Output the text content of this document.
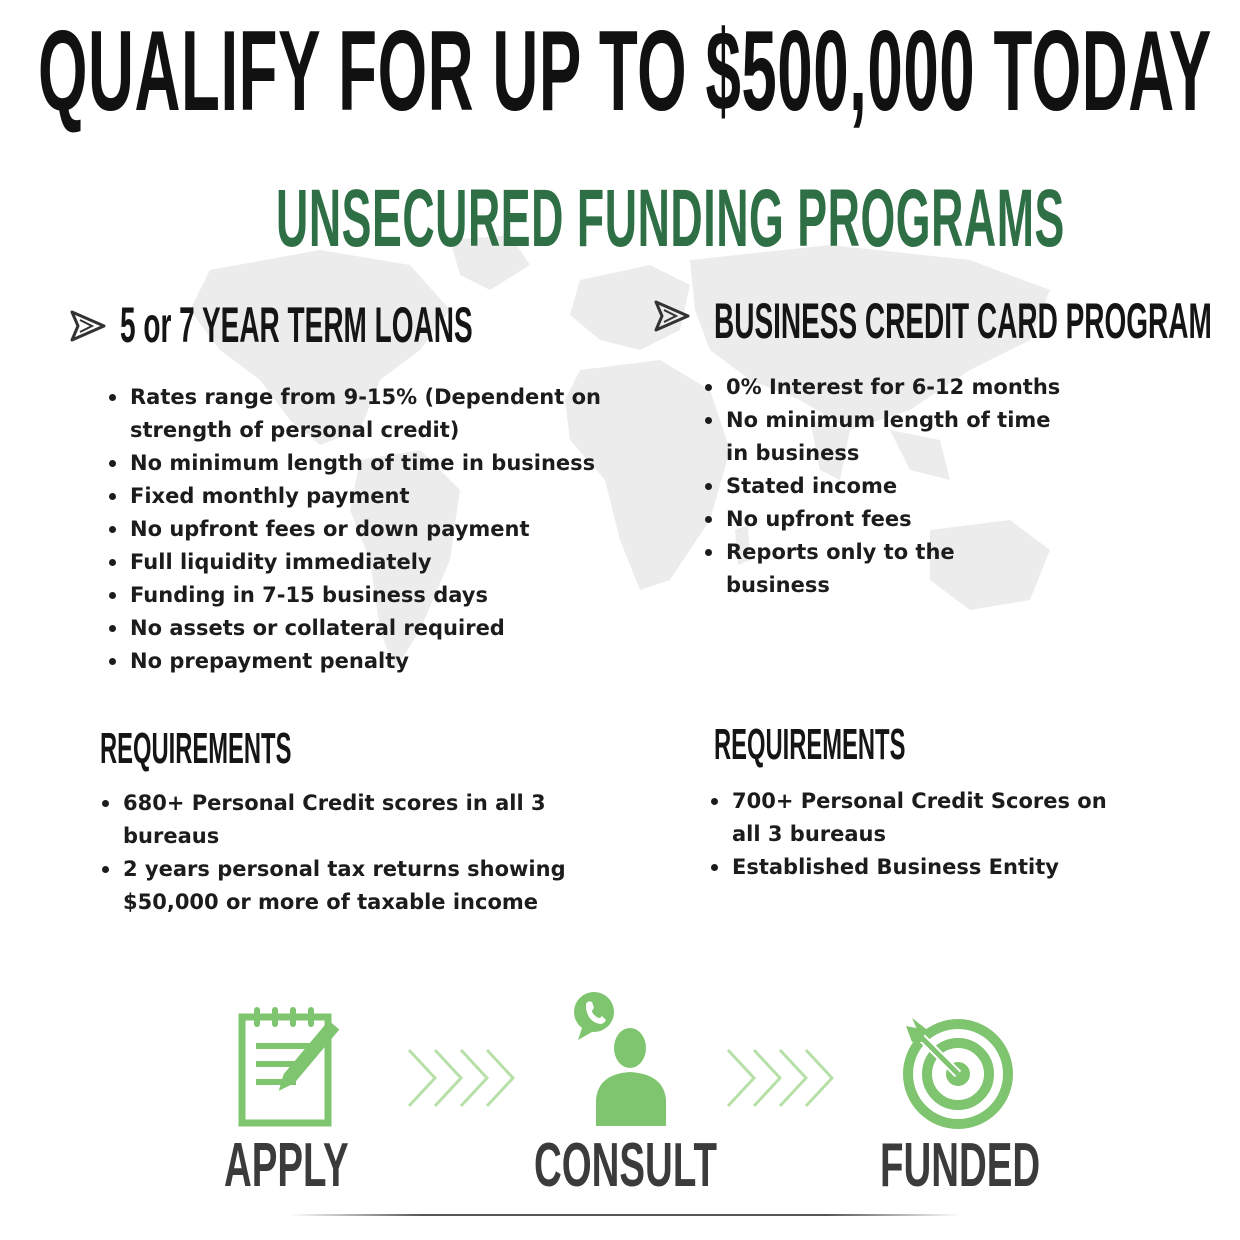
QUALIFY FOR UP TO $500,000 TODAY
UNSECURED FUNDING PROGRAMS
5 or 7 YEAR TERM LOANS
Rates range from 9-15% (Dependent on strength of personal credit)
No minimum length of time in business
Fixed monthly payment
No upfront fees or down payment
Full liquidity immediately
Funding in 7-15 business days
No assets or collateral required
No prepayment penalty
REQUIREMENTS
680+ Personal Credit scores in all 3 bureaus
2 years personal tax returns showing $50,000 or more of taxable income
BUSINESS CREDIT CARD PROGRAM
0% Interest for 6-12 months
No minimum length of time in business
Stated income
No upfront fees
Reports only to the business
REQUIREMENTS
700+ Personal Credit Scores on all 3 bureaus
Established Business Entity
APPLY	CONSULT	FUNDED
